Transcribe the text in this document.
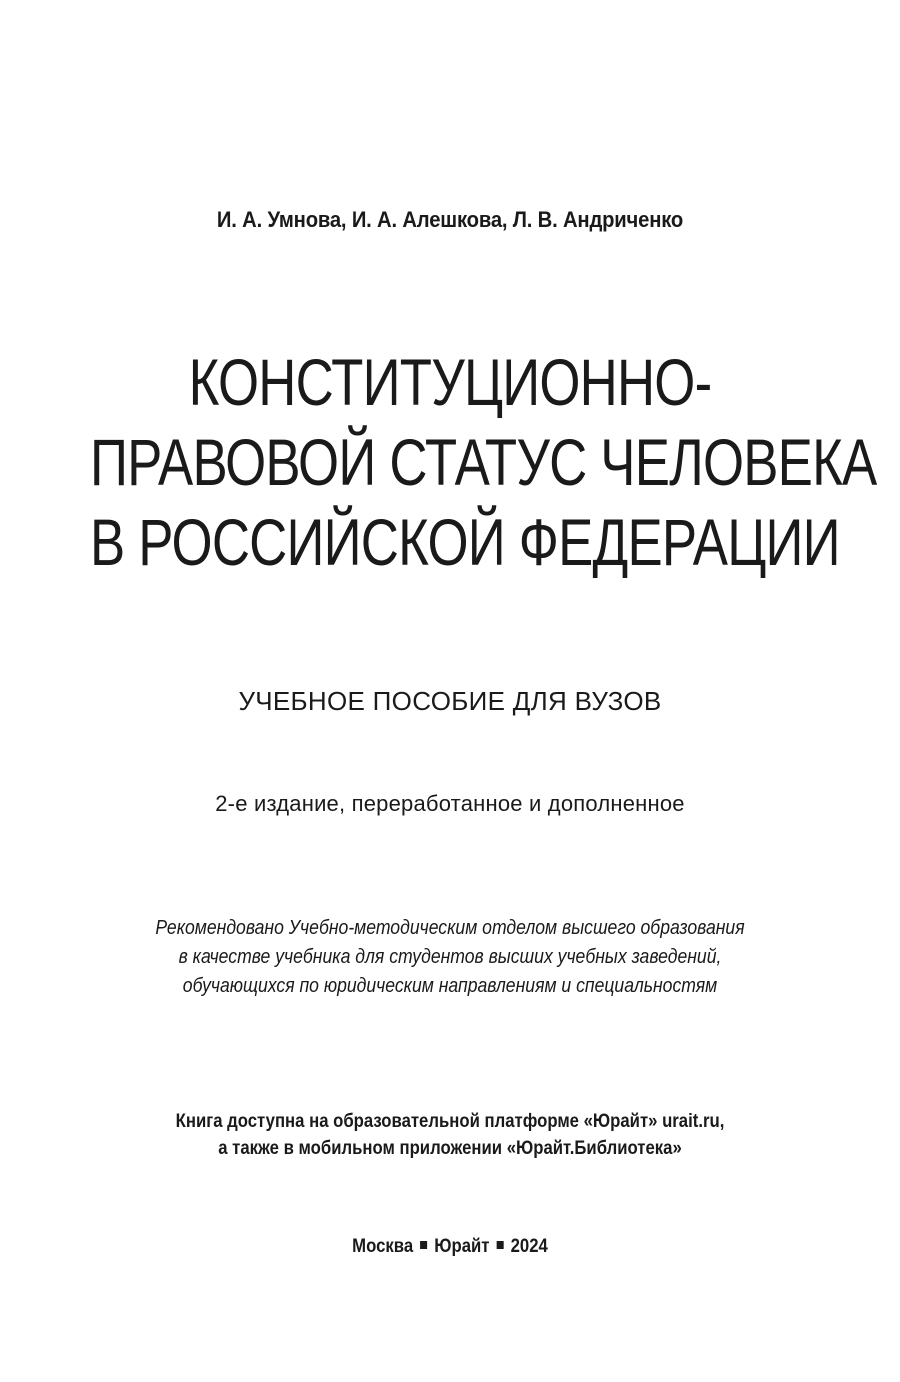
И. А. Умнова, И. А. Алешкова, Л. В. Андриченко
КОНСТИТУЦИОННО-
ПРАВОВОЙ СТАТУС ЧЕЛОВЕКА
В РОССИЙСКОЙ ФЕДЕРАЦИИ
УЧЕБНОЕ ПОСОБИЕ ДЛЯ ВУЗОВ
2-е издание, переработанное и дополненное
Рекомендовано Учебно-методическим отделом высшего образования
в качестве учебника для студентов высших учебных заведений,
обучающихся по юридическим направлениям и специальностям
Книга доступна на образовательной платформе «Юрайт» urait.ru,
а также в мобильном приложении «Юрайт.Библиотека»
Москва Юрайт 2024
